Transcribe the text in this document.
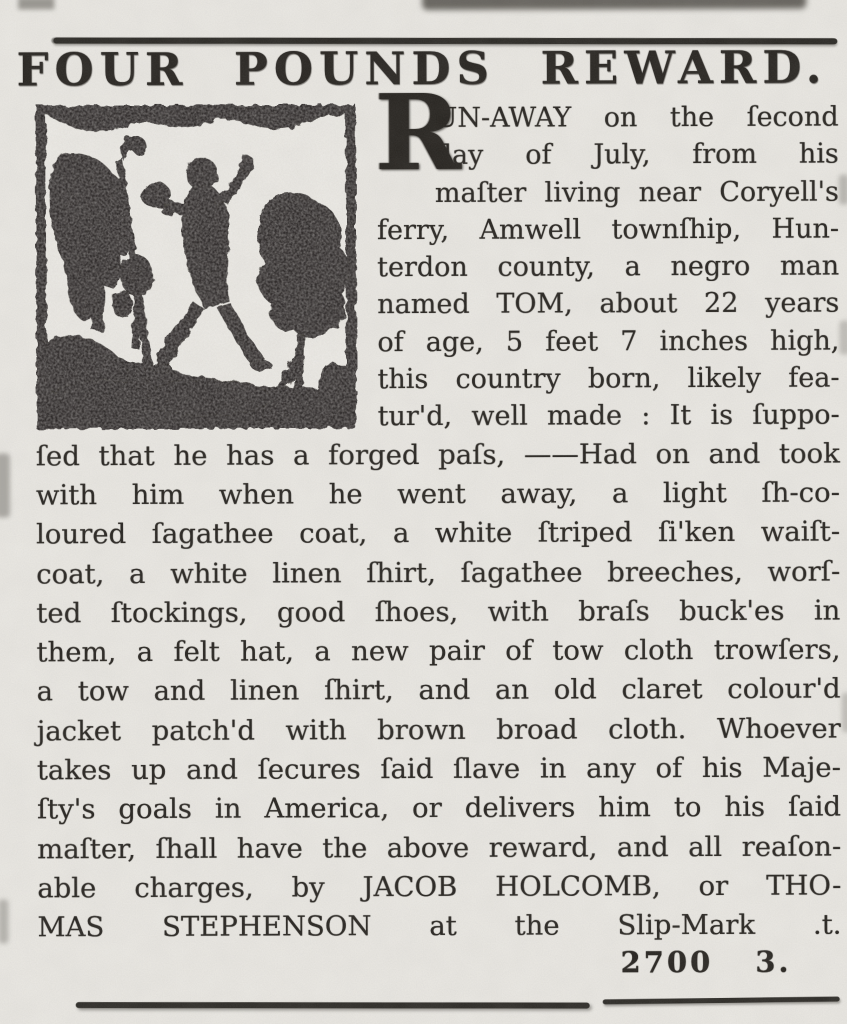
FOUR POUNDS REWARD.
R
UN-AWAY on the ſecond
day of July, from his
maſter living near Coryell's
ferry, Amwell townſhip, Hun-
terdon county, a negro man
named TOM, about 22 years
of age, 5 feet 7 inches high,
this country born, likely fea-
tur'd, well made : It is ſuppo-
ſed that he has a forged paſs, ——Had on and took
with him when he went away, a light ſh-co-
loured ſagathee coat, a white ſtriped ſi'ken waiſt-
coat, a white linen ſhirt, ſagathee breeches, worſ-
ted ſtockings, good ſhoes, with braſs buck'es in
them, a felt hat, a new pair of tow cloth trowſers,
a tow and linen ſhirt, and an old claret colour'd
jacket patch'd with brown broad cloth. Whoever
takes up and ſecures ſaid ſlave in any of his Maje-
ſty's goals in America, or delivers him to his ſaid
maſter, ſhall have the above reward, and all reaſon-
able charges, by JACOB HOLCOMB, or THO-
MAS STEPHENSON at the Slip-Mark .t.
2700 3.
